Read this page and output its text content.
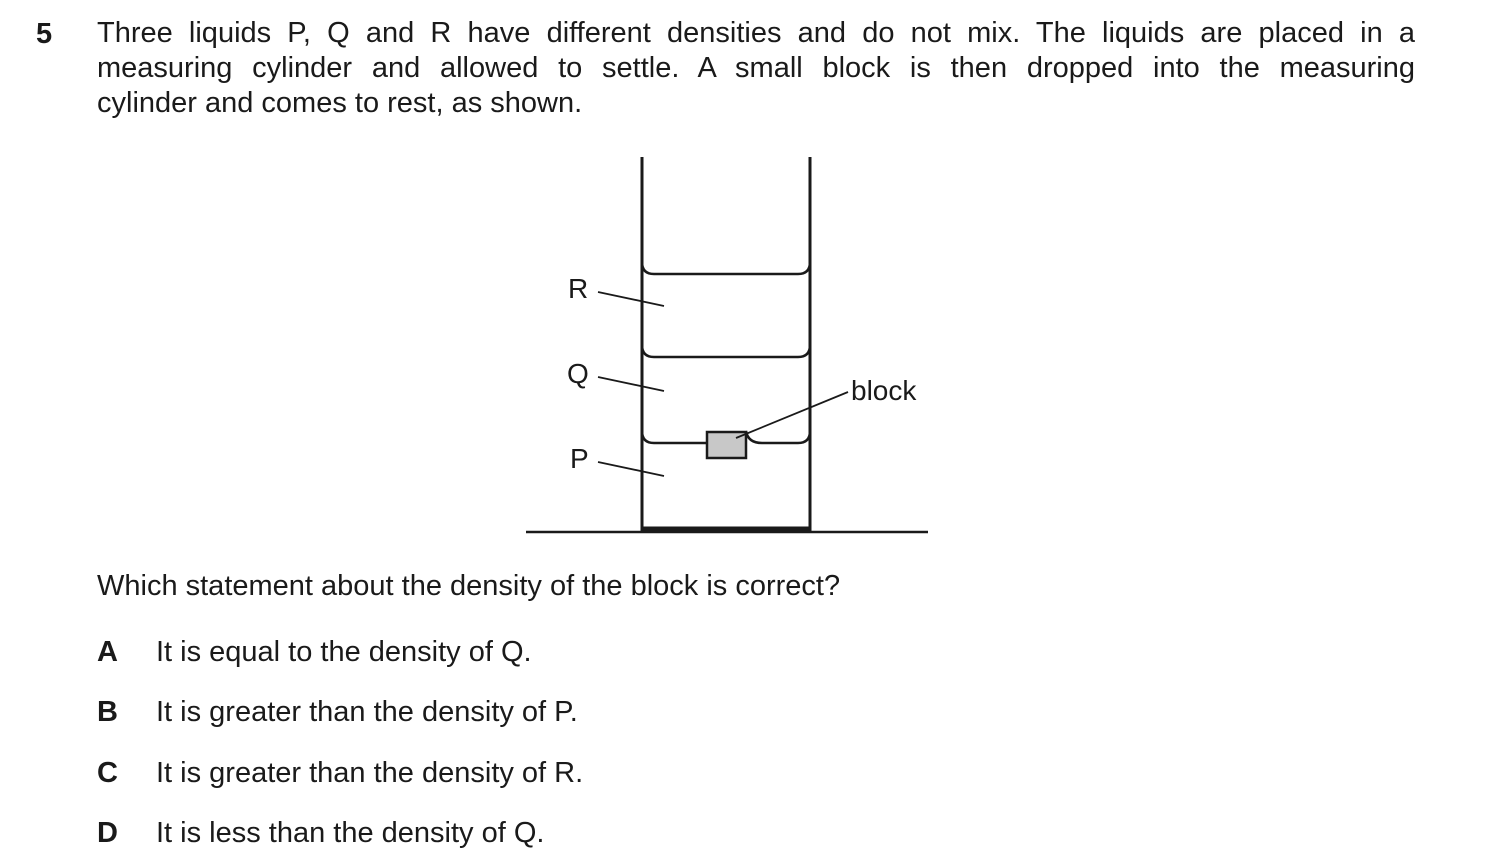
5 Three liquids P, Q and R have different densities and do not mix. The liquids are placed in a
measuring cylinder and allowed to settle. A small block is then dropped into the measuring
cylinder and comes to rest, as shown.
R
Q
P
block
Which statement about the density of the block is correct?
A	It is equal to the density of Q.
B	It is greater than the density of P.
C	It is greater than the density of R.
D	It is less than the density of Q.
